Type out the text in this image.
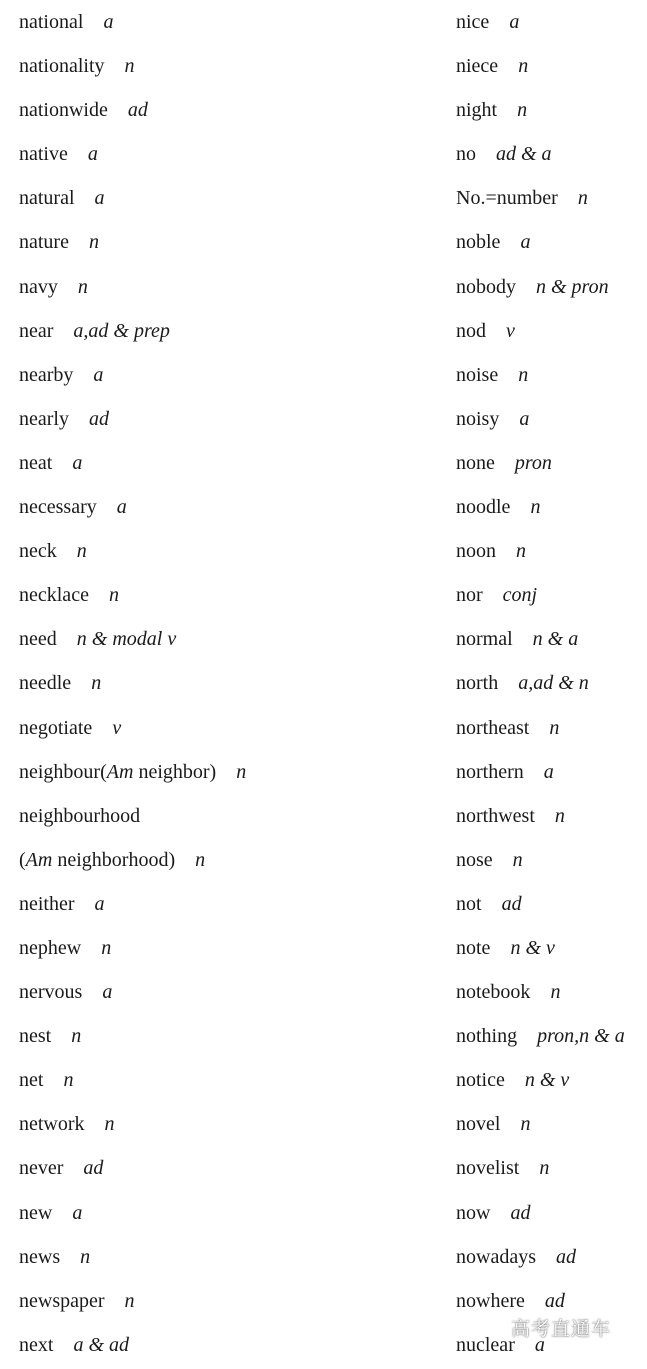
national a
nationality n
nationwide ad
native a
natural a
nature n
navy n
near a,ad & prep
nearby a
nearly ad
neat a
necessary a
neck n
necklace n
need n & modal v
needle n
negotiate v
neighbour(Am neighbor) n
neighbourhood
(Am neighborhood) n
neither a
nephew n
nervous a
nest n
net n
network n
never ad
new a
news n
newspaper n
next a & ad
nice a
niece n
night n
no ad & a
No.=number n
noble a
nobody n & pron
nod v
noise n
noisy a
none pron
noodle n
noon n
nor conj
normal n & a
north a,ad & n
northeast n
northern a
northwest n
nose n
not ad
note n & v
notebook n
nothing pron,n & a
notice n & v
novel n
novelist n
now ad
nowadays ad
nowhere ad
nuclear a
高考直通车
